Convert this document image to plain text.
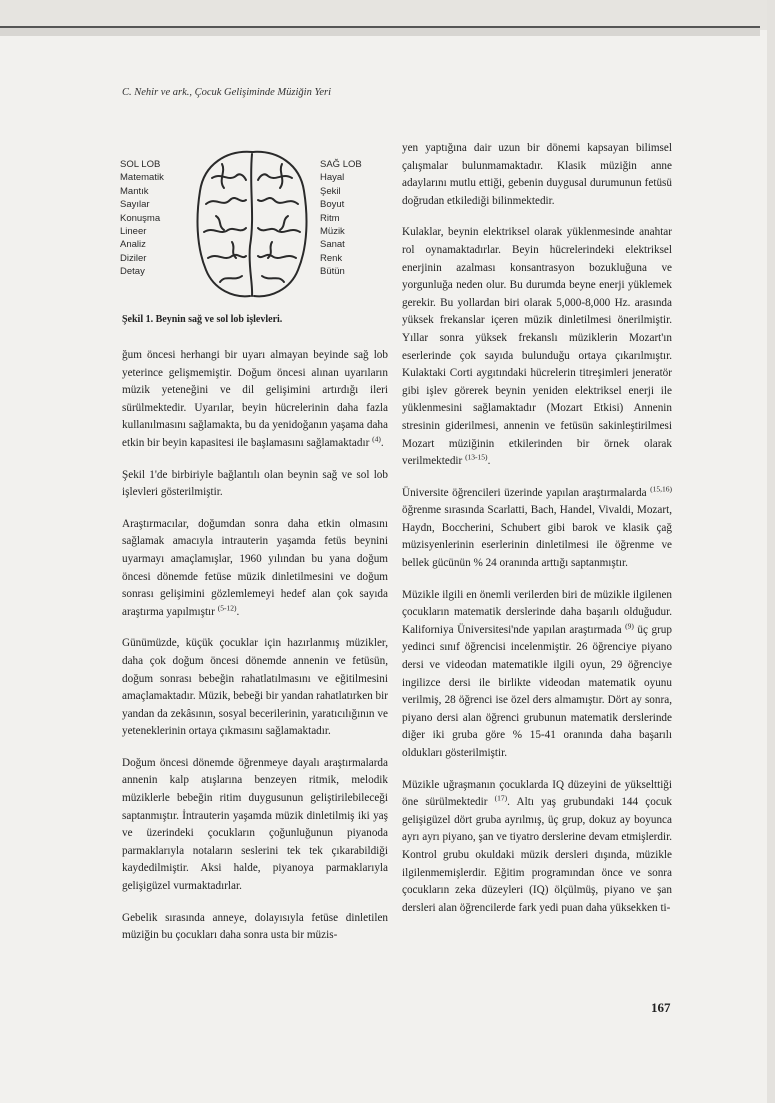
C. Nehir ve ark., Çocuk Gelişiminde Müziğin Yeri
SOL LOB
Matematik
Mantık
Sayılar
Konuşma
Lineer
Analiz
Diziler
Detay
SAĞ LOB
Hayal
Şekil
Boyut
Ritm
Müzik
Sanat
Renk
Bütün
Şekil 1. Beynin sağ ve sol lob işlevleri.

ğum öncesi herhangi bir uyarı almayan beyinde sağ lob yeterince gelişmemiştir. Doğum öncesi alınan uyarıların müzik yeteneğini ve dil gelişimini artırdığı ileri sürülmektedir. Uyarılar, beyin hücrelerinin daha fazla kullanılmasını sağlamakta, bu da yenidoğanın yaşama daha etkin bir beyin kapasitesi ile başlamasını sağlamaktadır $^{(4)}$.

Şekil 1'de birbiriyle bağlantılı olan beynin sağ ve sol lob işlevleri gösterilmiştir.

Araştırmacılar, doğumdan sonra daha etkin olmasını sağlamak amacıyla intrauterin yaşamda fetüs beynini uyarmayı amaçlamışlar, 1960 yılından bu yana doğum öncesi dönemde fetüse müzik dinletilmesini ve doğum sonrası gelişimini gözlemlemeyi hedef alan çok sayıda araştırma yapılmıştır $^{(5-12)}$.

Günümüzde, küçük çocuklar için hazırlanmış müzikler, daha çok doğum öncesi dönemde annenin ve fetüsün, doğum sonrası bebeğin rahatlatılmasını ve eğitilmesini amaçlamaktadır. Müzik, bebeği bir yandan rahatlatırken bir yandan da zekâsının, sosyal becerilerinin, yaratıcılığının ve yeteneklerinin ortaya çıkmasını sağlamaktadır.

Doğum öncesi dönemde öğrenmeye dayalı araştırmalarda annenin kalp atışlarına benzeyen ritmik, melodik müziklerle bebeğin ritim duygusunun geliştirilebileceği saptanmıştır. İntrauterin yaşamda müzik dinletilmiş iki yaş ve üzerindeki çocukların çoğunluğunun piyanoda parmaklarıyla notaların seslerini tek tek çıkarabildiği kaydedilmiştir. Aksi halde, piyanoya parmaklarıyla gelişigüzel vurmaktadırlar.

Gebelik sırasında anneye, dolayısıyla fetüse dinletilen müziğin bu çocukları daha sonra usta bir müzis-

yen yaptığına dair uzun bir dönemi kapsayan bilimsel çalışmalar bulunmamaktadır. Klasik müziğin anne adaylarını mutlu ettiği, gebenin duygusal durumunun fetüsü doğrudan etkilediği bilinmektedir.

Kulaklar, beynin elektriksel olarak yüklenmesinde anahtar rol oynamaktadırlar. Beyin hücrelerindeki elektriksel enerjinin azalması konsantrasyon bozukluğuna ve yorgunluğa neden olur. Bu durumda beyne enerji yüklemek gerekir. Bu yollardan biri olarak 5,000-8,000 Hz. arasında yüksek frekanslar içeren müzik dinletilmesi önerilmiştir. Yıllar sonra yüksek frekanslı müziklerin Mozart'ın eserlerinde çok sayıda bulunduğu ortaya çıkarılmıştır. Kulaktaki Corti aygıtındaki hücrelerin titreşimleri jeneratör gibi işlev görerek beynin yeniden elektriksel enerji ile yüklenmesini sağlamaktadır (Mozart Etkisi) Annenin stresinin giderilmesi, annenin ve fetüsün sakinleştirilmesi Mozart müziğinin etkilerinden bir örnek olarak verilmektedir $^{(13-15)}$.

Üniversite öğrencileri üzerinde yapılan araştırmalarda $^{(15,16)}$ öğrenme sırasında Scarlatti, Bach, Handel, Vivaldi, Mozart, Haydn, Boccherini, Schubert gibi barok ve klasik çağ müzisyenlerinin eserlerinin dinletilmesi ile öğrenme ve bellek gücünün % 24 oranında arttığı saptanmıştır.

Müzikle ilgili en önemli verilerden biri de müzikle ilgilenen çocukların matematik derslerinde daha başarılı olduğudur. Kaliforniya Üniversitesi'nde yapılan araştırmada $^{(9)}$ üç grup yedinci sınıf öğrencisi incelenmiştir. 26 öğrenciye piyano dersi ve videodan matematikle ilgili oyun, 29 öğrenciye ingilizce dersi ile birlikte videodan matematik oyunu verilmiş, 28 öğrenci ise özel ders almamıştır. Dört ay sonra, piyano dersi alan öğrenci grubunun matematik derslerinde diğer iki gruba göre % 15-41 oranında daha başarılı oldukları gösterilmiştir.

Müzikle uğraşmanın çocuklarda IQ düzeyini de yükselttiği öne sürülmektedir $^{(17)}$. Altı yaş grubundaki 144 çocuk gelişigüzel dört gruba ayrılmış, üç grup, dokuz ay boyunca ayrı ayrı piyano, şan ve tiyatro derslerine devam etmişlerdir. Kontrol grubu okuldaki müzik dersleri dışında, müzikle ilgilenmemişlerdir. Eğitim programından önce ve sonra çocukların zeka düzeyleri (IQ) ölçülmüş, piyano ve şan dersleri alan öğrencilerde fark yedi puan daha yüksekken ti-

167
